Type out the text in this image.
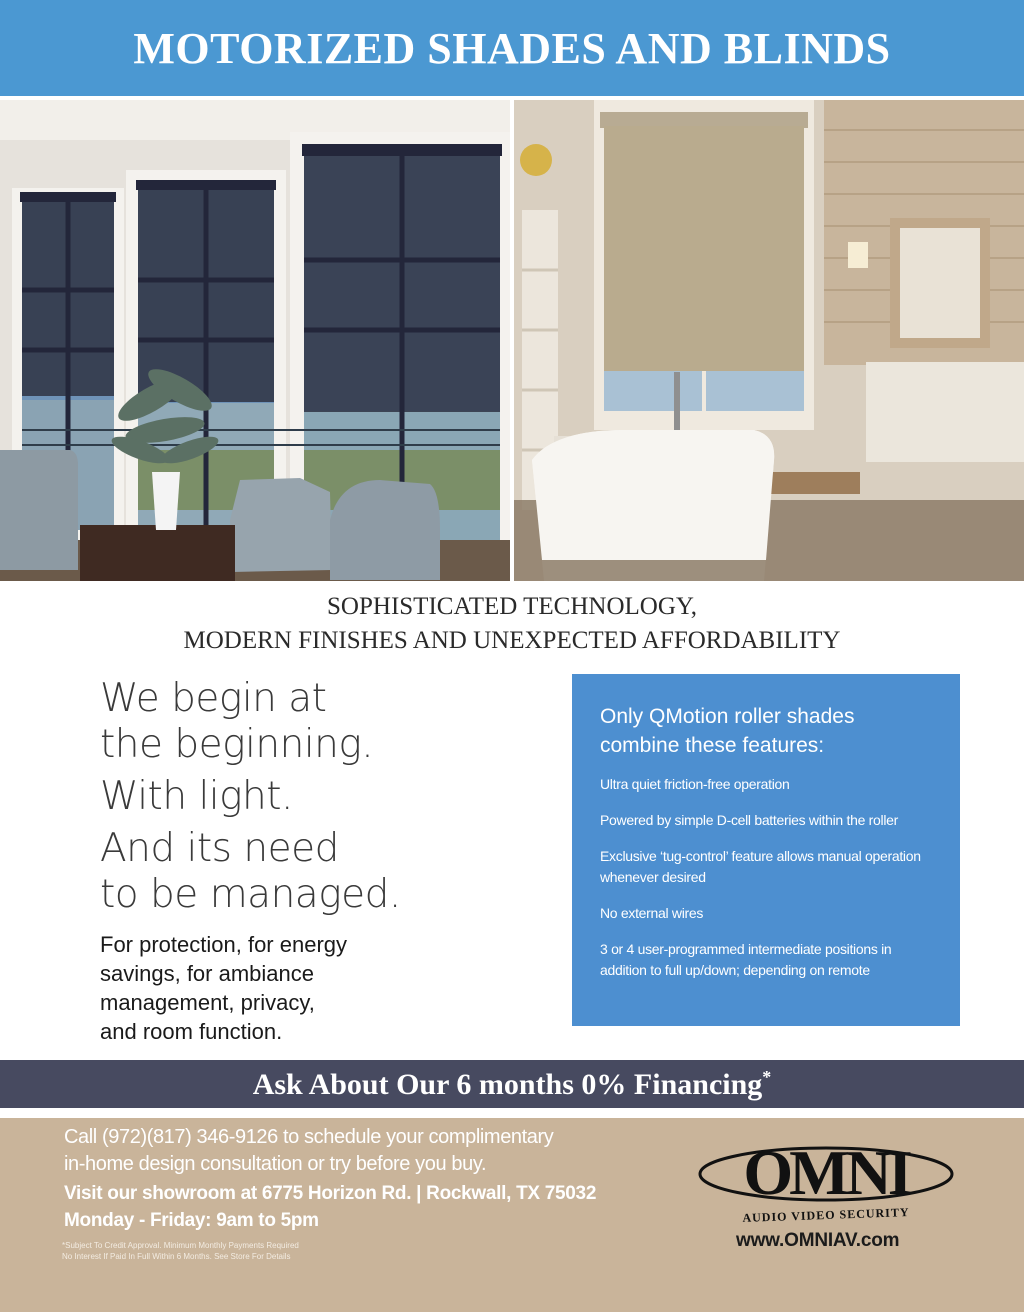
MOTORIZED SHADES AND BLINDS
SOPHISTICATED TECHNOLOGY,
MODERN FINISHES AND UNEXPECTED AFFORDABILITY

We begin at
the beginning.

With light.

And its need
to be managed.

For protection, for energy
savings, for ambiance
management, privacy,
and room function.
Only QMotion roller shades
combine these features:
Ultra quiet friction-free operation
Powered by simple D-cell batteries within the roller
Exclusive ‘tug-control’ feature allows manual operation whenever desired
No external wires
3 or 4 user-programmed intermediate positions in addition to full up/down; depending on remote
Ask About Our 6 months 0% Financing*
Call (972)(817) 346-9126 to schedule your complimentary
in-home design consultation or try before you buy.
Visit our showroom at 6775 Horizon Rd. | Rockwall, TX 75032
Monday - Friday: 9am to 5pm
*Subject To Credit Approval. Minimum Monthly Payments Required
No Interest If Paid In Full Within 6 Months. See Store For Details
OMNI
AUDIO VIDEO SECURITY
www.OMNIAV.com
